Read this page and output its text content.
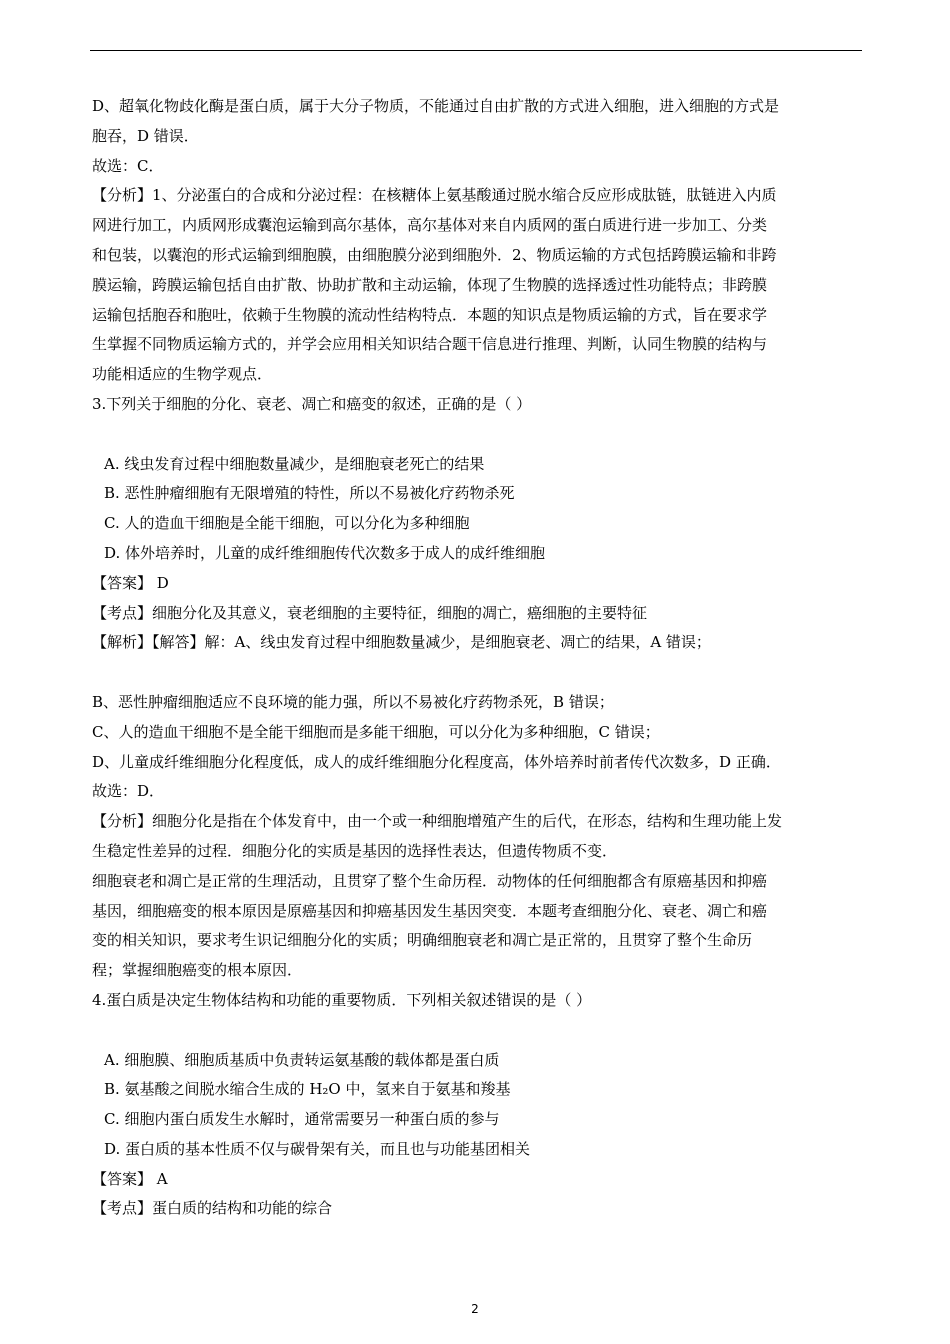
D、超氧化物歧化酶是蛋白质，属于大分子物质，不能通过自由扩散的方式进入细胞，进入细胞的方式是
胞吞，D 错误．
故选：C．
【分析】1、分泌蛋白的合成和分泌过程：在核糖体上氨基酸通过脱水缩合反应形成肽链，肽链进入内质
网进行加工，内质网形成囊泡运输到高尔基体，高尔基体对来自内质网的蛋白质进行进一步加工、分类
和包装，以囊泡的形式运输到细胞膜，由细胞膜分泌到细胞外．2、物质运输的方式包括跨膜运输和非跨
膜运输，跨膜运输包括自由扩散、协助扩散和主动运输，体现了生物膜的选择透过性功能特点；非跨膜
运输包括胞吞和胞吐，依赖于生物膜的流动性结构特点．本题的知识点是物质运输的方式，旨在要求学
生掌握不同物质运输方式的，并学会应用相关知识结合题干信息进行推理、判断，认同生物膜的结构与
功能相适应的生物学观点．
3.下列关于细胞的分化、衰老、凋亡和癌变的叙述，正确的是（ ）
A. 线虫发育过程中细胞数量减少，是细胞衰老死亡的结果
B. 恶性肿瘤细胞有无限增殖的特性，所以不易被化疗药物杀死
C. 人的造血干细胞是全能干细胞，可以分化为多种细胞
D. 体外培养时，儿童的成纤维细胞传代次数多于成人的成纤维细胞
【答案】 D
【考点】细胞分化及其意义，衰老细胞的主要特征，细胞的凋亡，癌细胞的主要特征
【解析】【解答】解：A、线虫发育过程中细胞数量减少，是细胞衰老、凋亡的结果，A 错误；
B、恶性肿瘤细胞适应不良环境的能力强，所以不易被化疗药物杀死，B 错误；
C、人的造血干细胞不是全能干细胞而是多能干细胞，可以分化为多种细胞，C 错误；
D、儿童成纤维细胞分化程度低，成人的成纤维细胞分化程度高，体外培养时前者传代次数多，D 正确．
故选：D．
【分析】细胞分化是指在个体发育中，由一个或一种细胞增殖产生的后代，在形态，结构和生理功能上发
生稳定性差异的过程．细胞分化的实质是基因的选择性表达，但遗传物质不变．
细胞衰老和凋亡是正常的生理活动，且贯穿了整个生命历程．动物体的任何细胞都含有原癌基因和抑癌
基因，细胞癌变的根本原因是原癌基因和抑癌基因发生基因突变．本题考查细胞分化、衰老、凋亡和癌
变的相关知识，要求考生识记细胞分化的实质；明确细胞衰老和凋亡是正常的，且贯穿了整个生命历
程；掌握细胞癌变的根本原因．
4.蛋白质是决定生物体结构和功能的重要物质．下列相关叙述错误的是（ ）
A. 细胞膜、细胞质基质中负责转运氨基酸的载体都是蛋白质
B. 氨基酸之间脱水缩合生成的 H₂O 中，氢来自于氨基和羧基
C. 细胞内蛋白质发生水解时，通常需要另一种蛋白质的参与
D. 蛋白质的基本性质不仅与碳骨架有关，而且也与功能基团相关
【答案】 A
【考点】蛋白质的结构和功能的综合
2
